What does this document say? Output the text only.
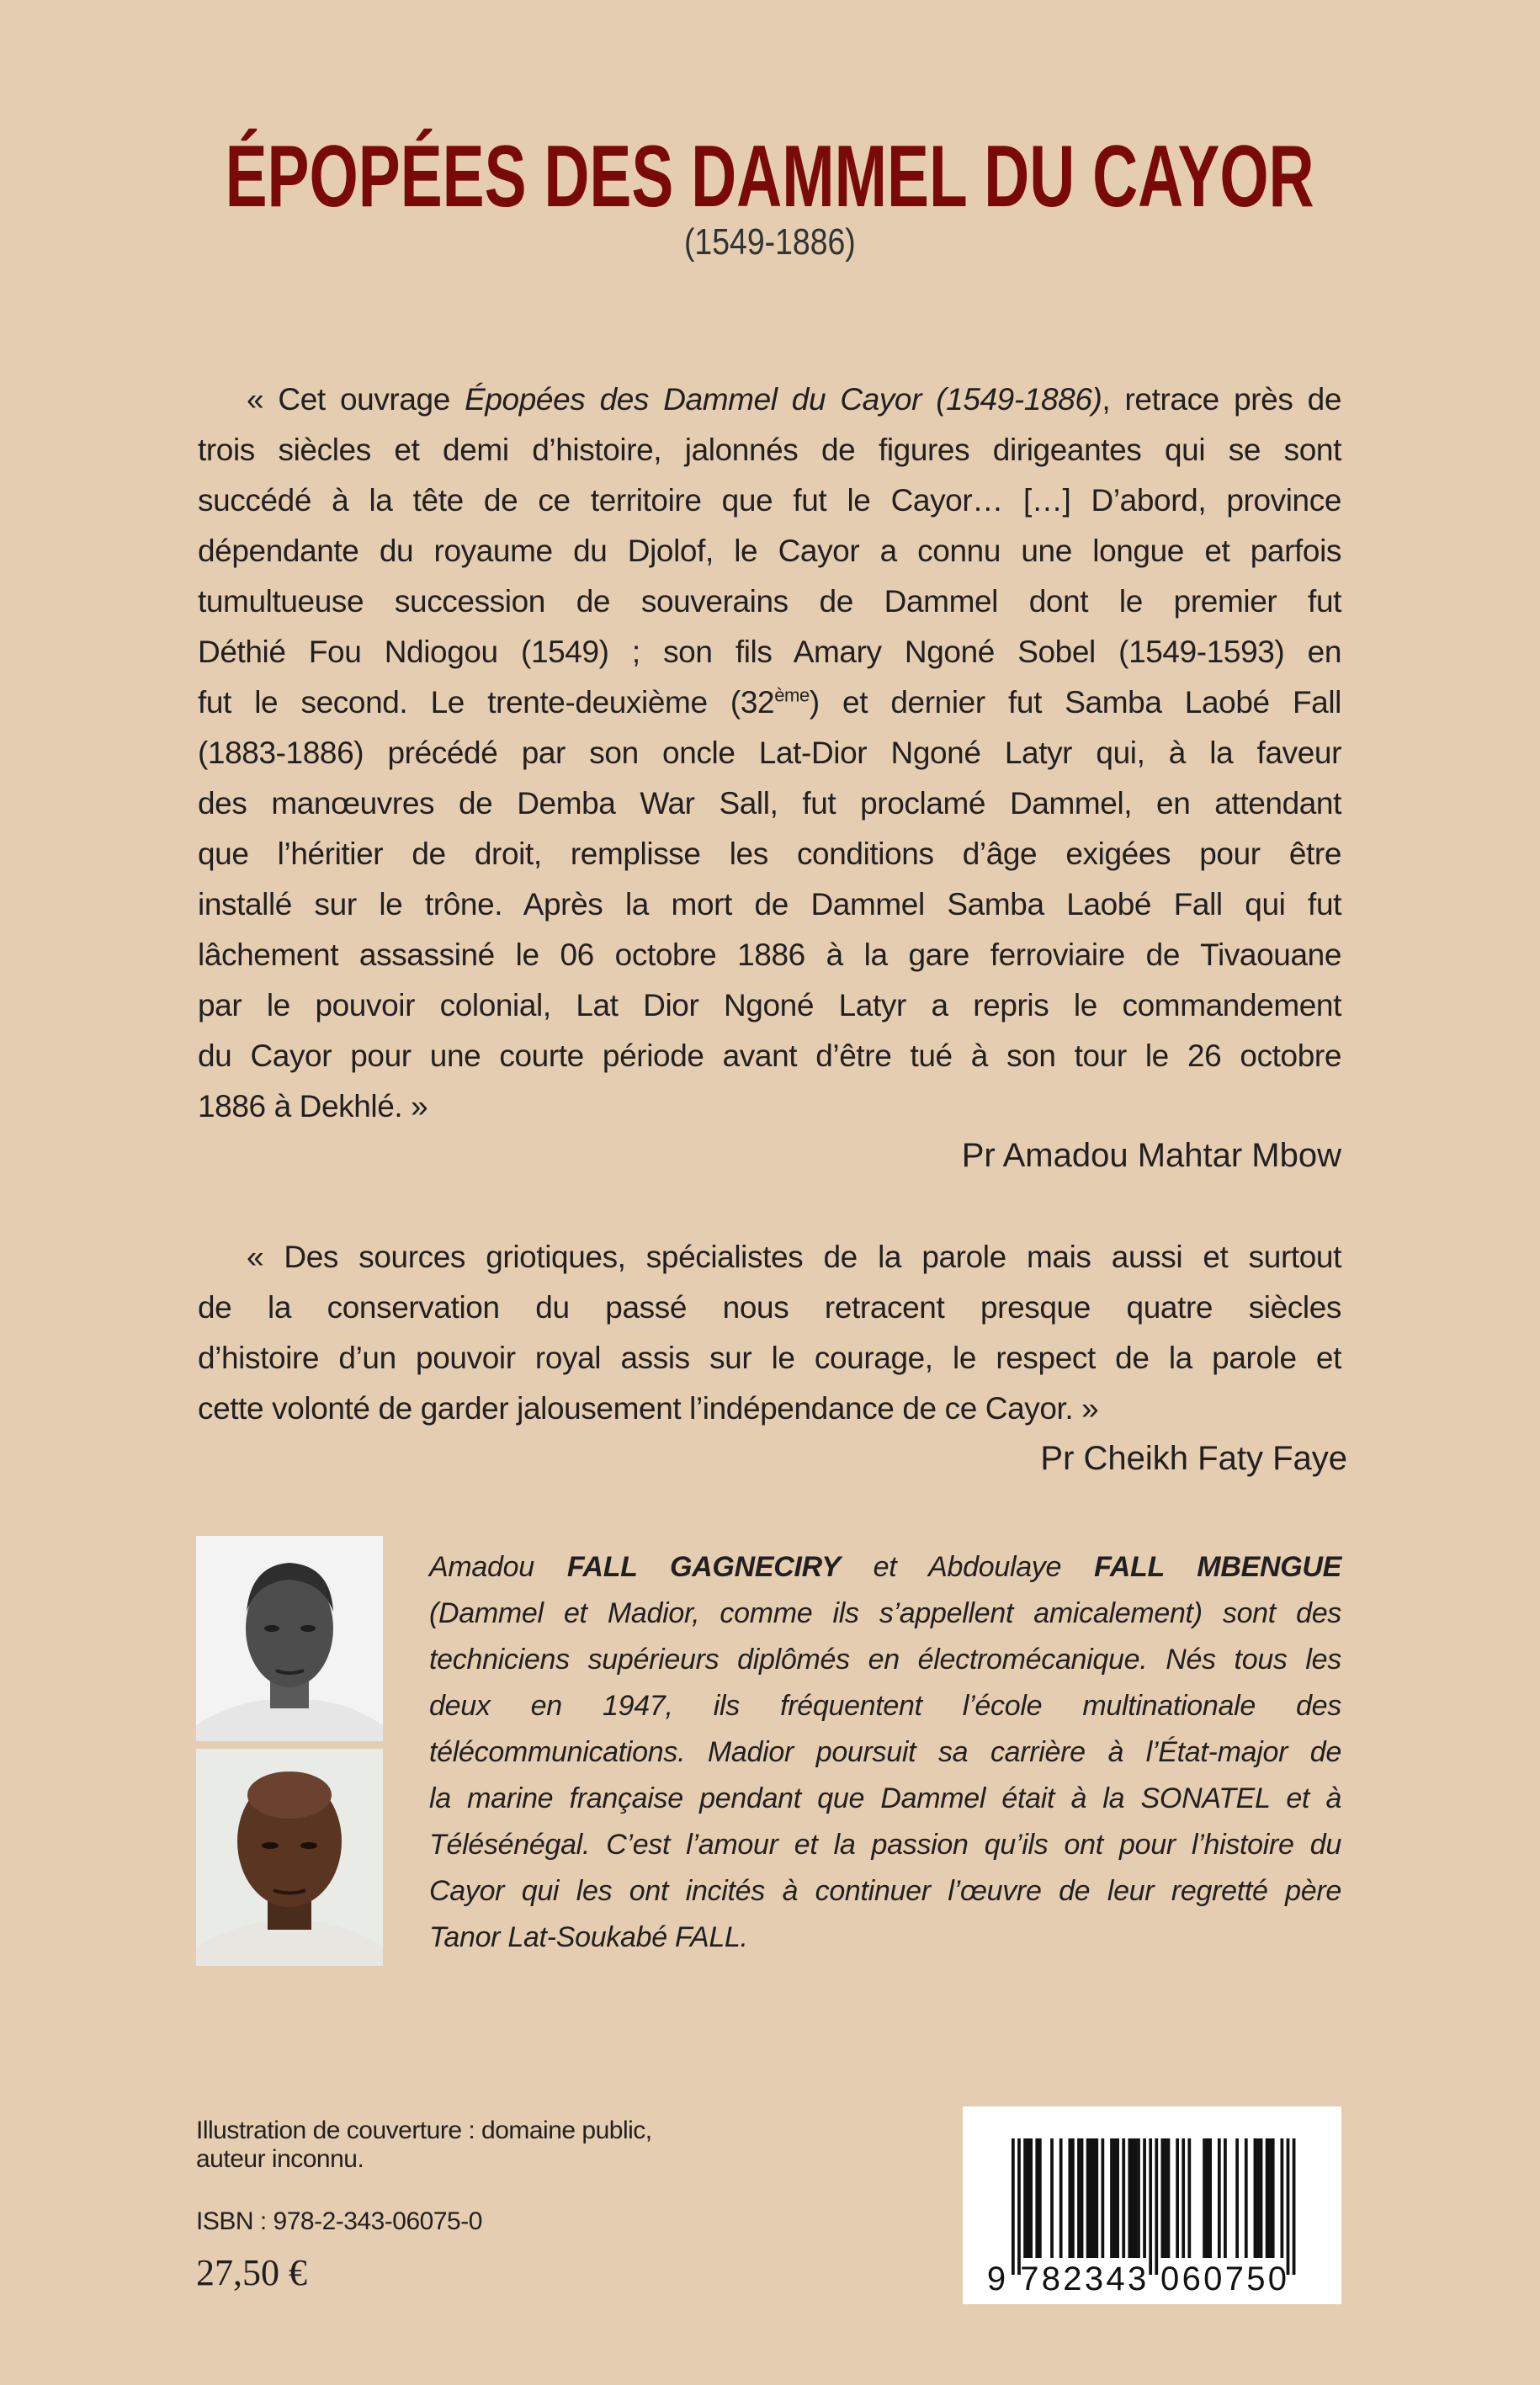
ÉPOPÉES DES DAMMEL DU CAYOR
(1549-1886)
« Cet ouvrage Épopées des Dammel du Cayor (1549-1886), retrace près de
trois siècles et demi d’histoire, jalonnés de figures dirigeantes qui se sont
succédé à la tête de ce territoire que fut le Cayor… […] D’abord, province
dépendante du royaume du Djolof, le Cayor a connu une longue et parfois
tumultueuse succession de souverains de Dammel dont le premier fut
Déthié Fou Ndiogou (1549) ; son fils Amary Ngoné Sobel (1549-1593) en
fut le second. Le trente-deuxième (32ème) et dernier fut Samba Laobé Fall
(1883-1886) précédé par son oncle Lat-Dior Ngoné Latyr qui, à la faveur
des manœuvres de Demba War Sall, fut proclamé Dammel, en attendant
que l’héritier de droit, remplisse les conditions d’âge exigées pour être
installé sur le trône. Après la mort de Dammel Samba Laobé Fall qui fut
lâchement assassiné le 06 octobre 1886 à la gare ferroviaire de Tivaouane
par le pouvoir colonial, Lat Dior Ngoné Latyr a repris le commandement
du Cayor pour une courte période avant d’être tué à son tour le 26 octobre
1886 à Dekhlé. »
Pr Amadou Mahtar Mbow
« Des sources griotiques, spécialistes de la parole mais aussi et surtout
de la conservation du passé nous retracent presque quatre siècles
d’histoire d’un pouvoir royal assis sur le courage, le respect de la parole et
cette volonté de garder jalousement l’indépendance de ce Cayor. »
Pr Cheikh Faty Faye
Amadou FALL GAGNECIRY et Abdoulaye FALL MBENGUE
(Dammel et Madior, comme ils s’appellent amicalement) sont des
techniciens supérieurs diplômés en électromécanique. Nés tous les
deux en 1947, ils fréquentent l’école multinationale des
télécommunications. Madior poursuit sa carrière à l’État-major de
la marine française pendant que Dammel était à la SONATEL et à
Télésénégal. C’est l’amour et la passion qu’ils ont pour l’histoire du
Cayor qui les ont incités à continuer l’œuvre de leur regretté père
Tanor Lat-Soukabé FALL.
Illustration de couverture : domaine public,
auteur inconnu.
ISBN : 978-2-343-06075-0
27,50 €	9 782343 060750
